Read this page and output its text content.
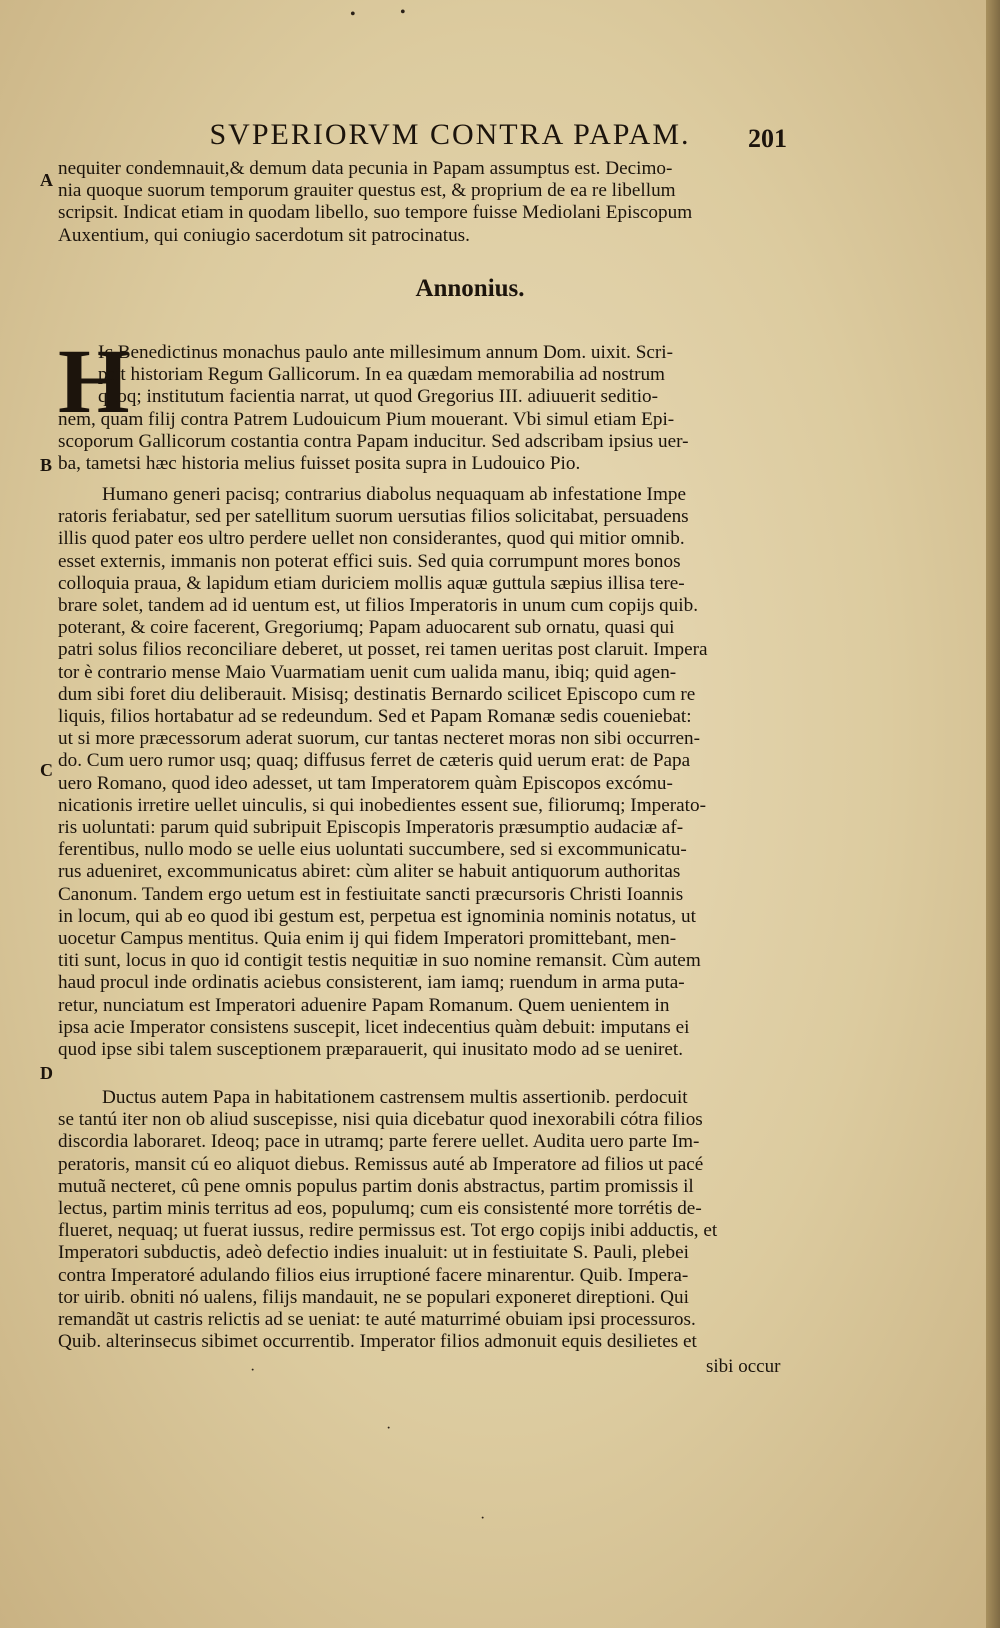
•	•
SVPERIORVM CONTRA PAPAM.	201
A
B
C
D
nequiter condemnauit,& demum data pecunia in Papam assumptus est. Decimo-
nia quoque suorum temporum grauiter questus est, & proprium de ea re libellum
scripsit. Indicat etiam in quodam libello, suo tempore fuisse Mediolani Episcopum
Auxentium, qui coniugio sacerdotum sit patrocinatus.
Annonius.
H
Ic Benedictinus monachus paulo ante millesimum annum Dom. uixit. Scri-
psit historiam Regum Gallicorum. In ea quædam memorabilia ad nostrum
quoq; institutum facientia narrat, ut quod Gregorius III. adiuuerit seditio-
nem, quam filij contra Patrem Ludouicum Pium mouerant. Vbi simul etiam Epi-
scoporum Gallicorum costantia contra Papam inducitur. Sed adscribam ipsius uer-
ba, tametsi hæc historia melius fuisset posita supra in Ludouico Pio.
Humano generi pacisq; contrarius diabolus nequaquam ab infestatione Impe
ratoris feriabatur, sed per satellitum suorum uersutias filios solicitabat, persuadens
illis quod pater eos ultro perdere uellet non considerantes, quod qui mitior omnib.
esset externis, immanis non poterat effici suis. Sed quia corrumpunt mores bonos
colloquia praua, & lapidum etiam duriciem mollis aquæ guttula sæpius illisa tere-
brare solet, tandem ad id uentum est, ut filios Imperatoris in unum cum copijs quib.
poterant, & coire facerent, Gregoriumq; Papam aduocarent sub ornatu, quasi qui
patri solus filios reconciliare deberet, ut posset, rei tamen ueritas post claruit. Impera
tor è contrario mense Maio Vuarmatiam uenit cum ualida manu, ibiq; quid agen-
dum sibi foret diu deliberauit. Misisq; destinatis Bernardo scilicet Episcopo cum re
liquis, filios hortabatur ad se redeundum. Sed et Papam Romanæ sedis coueniebat:
ut si more præcessorum aderat suorum, cur tantas necteret moras non sibi occurren-
do. Cum uero rumor usq; quaq; diffusus ferret de cæteris quid uerum erat: de Papa
uero Romano, quod ideo adesset, ut tam Imperatorem quàm Episcopos excómu-
nicationis irretire uellet uinculis, si qui inobedientes essent sue, filiorumq; Imperato-
ris uoluntati: parum quid subripuit Episcopis Imperatoris præsumptio audaciæ af-
ferentibus, nullo modo se uelle eius uoluntati succumbere, sed si excommunicatu-
rus adueniret, excommunicatus abiret: cùm aliter se habuit antiquorum authoritas
Canonum. Tandem ergo uetum est in festiuitate sancti præcursoris Christi Ioannis
in locum, qui ab eo quod ibi gestum est, perpetua est ignominia nominis notatus, ut
uocetur Campus mentitus. Quia enim ij qui fidem Imperatori promittebant, men-
titi sunt, locus in quo id contigit testis nequitiæ in suo nomine remansit. Cùm autem
haud procul inde ordinatis aciebus consisterent, iam iamq; ruendum in arma puta-
retur, nunciatum est Imperatori aduenire Papam Romanum. Quem uenientem in
ipsa acie Imperator consistens suscepit, licet indecentius quàm debuit: imputans ei
quod ipse sibi talem susceptionem præparauerit, qui inusitato modo ad se ueniret.
Ductus autem Papa in habitationem castrensem multis assertionib. perdocuit
se tantú iter non ob aliud suscepisse, nisi quia dicebatur quod inexorabili cótra filios
discordia laboraret. Ideoq; pace in utramq; parte ferere uellet. Audita uero parte Im-
peratoris, mansit cú eo aliquot diebus. Remissus auté ab Imperatore ad filios ut pacé
mutuã necteret, cû pene omnis populus partim donis abstractus, partim promissis il
lectus, partim minis territus ad eos, populumq; cum eis consistenté more torrétis de-
flueret, nequaq; ut fuerat iussus, redire permissus est. Tot ergo copijs inibi adductis, et
Imperatori subductis, adeò defectio indies inualuit: ut in festiuitate S. Pauli, plebei
contra Imperatoré adulando filios eius irruptioné facere minarentur. Quib. Impera-
tor uirib. obniti nó ualens, filijs mandauit, ne se populari exponeret direptioni. Qui
remandãt ut castris relictis ad se ueniat: te auté maturrimé obuiam ipsi processuros.
Quib. alterinsecus sibimet occurrentib. Imperator filios admonuit equis desilietes et
sibi occur
·
·
·
